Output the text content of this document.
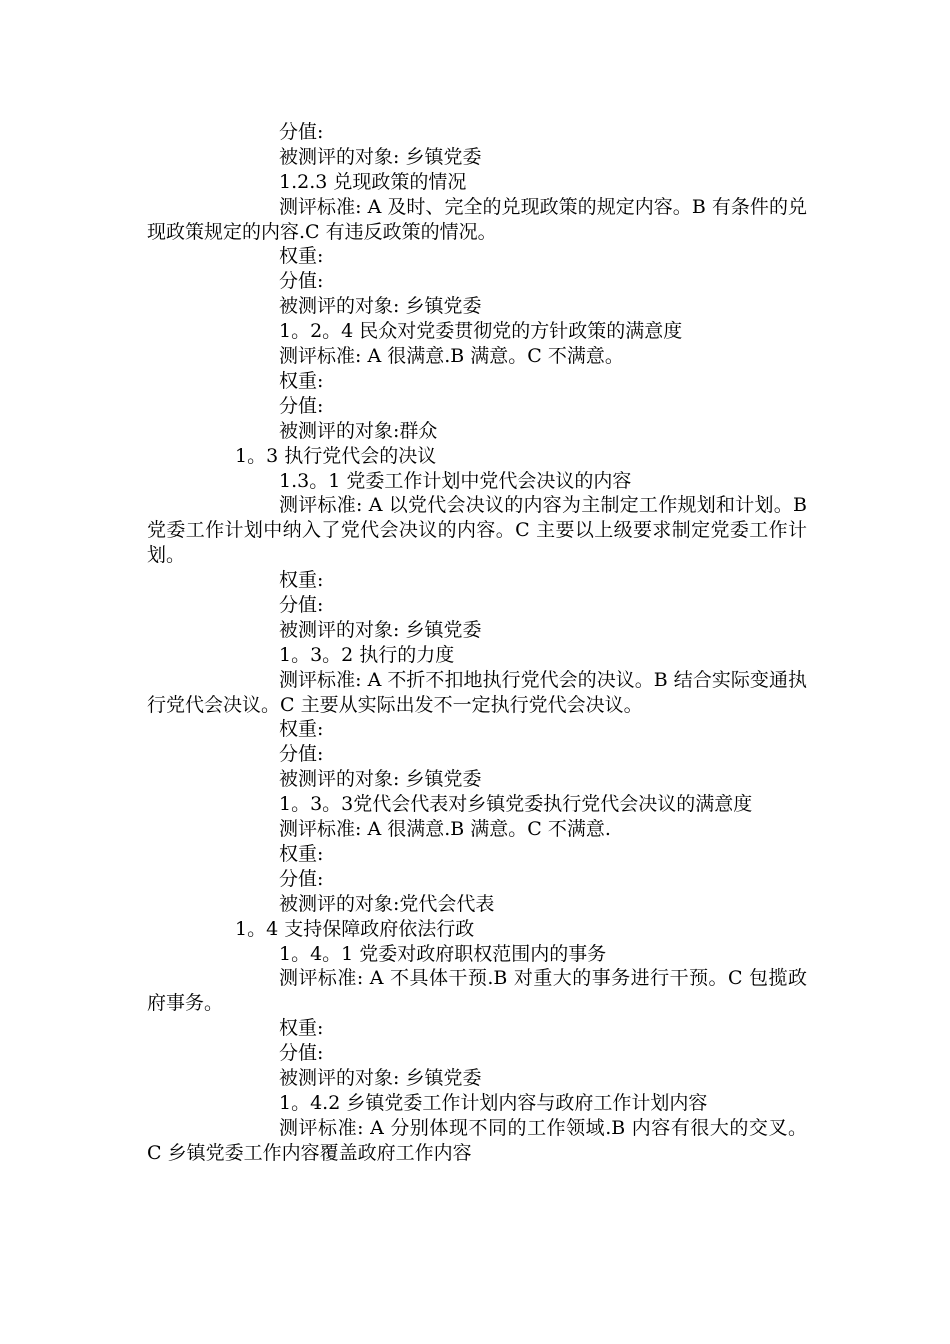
分值:
被测评的对象: 乡镇党委
1.2.3 兑现政策的情况
测评标准: A 及时、完全的兑现政策的规定内容。B 有条件的兑现政策规定的内容.C 有违反政策的情况。
权重:
分值:
被测评的对象: 乡镇党委
1。2。4 民众对党委贯彻党的方针政策的满意度
测评标准: A 很满意.B 满意。C 不满意。
权重:
分值:
被测评的对象:群众
1。3 执行党代会的决议
1.3。1 党委工作计划中党代会决议的内容
测评标准: A 以党代会决议的内容为主制定工作规划和计划。B 党委工作计划中纳入了党代会决议的内容。C 主要以上级要求制定党委工作计划。
权重:
分值:
被测评的对象: 乡镇党委
1。3。2 执行的力度
测评标准: A 不折不扣地执行党代会的决议。B 结合实际变通执行党代会决议。C 主要从实际出发不一定执行党代会决议。
权重:
分值:
被测评的对象: 乡镇党委
1。3。3党代会代表对乡镇党委执行党代会决议的满意度
测评标准: A 很满意.B 满意。C 不满意.
权重:
分值:
被测评的对象:党代会代表
1。4 支持保障政府依法行政
1。4。1 党委对政府职权范围内的事务
测评标准: A 不具体干预.B 对重大的事务进行干预。C 包揽政府事务。
权重:
分值:
被测评的对象: 乡镇党委
1。4.2 乡镇党委工作计划内容与政府工作计划内容
测评标准: A 分别体现不同的工作领域.B 内容有很大的交叉。C 乡镇党委工作内容覆盖政府工作内容
